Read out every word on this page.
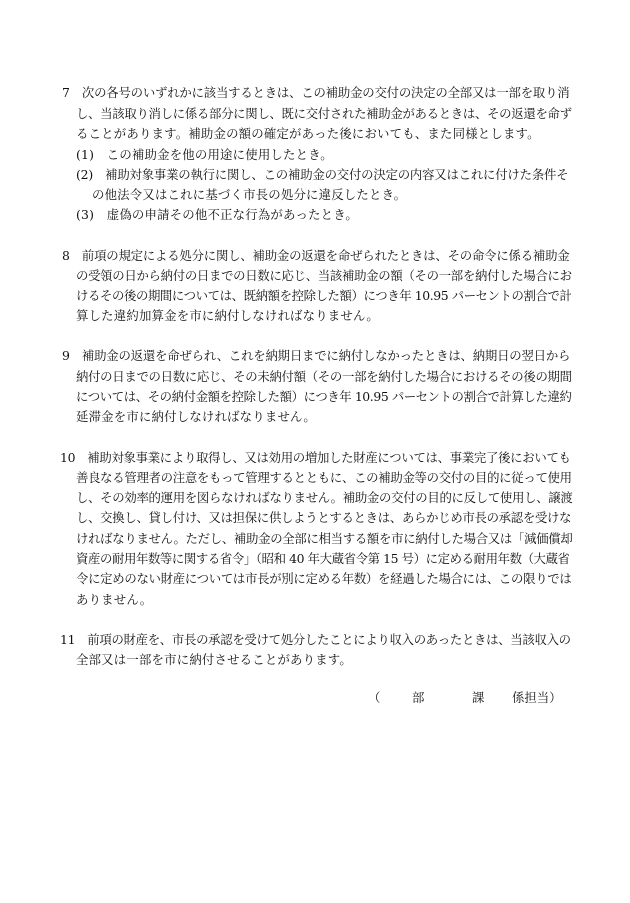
7　次の各号のいずれかに該当するときは、この補助金の交付の決定の全部又は一部を取り消
し、当該取り消しに係る部分に関し、既に交付された補助金があるときは、その返還を命ず
ることがあります。補助金の額の確定があった後においても、また同様とします。
(1)　この補助金を他の用途に使用したとき。
(2)　補助対象事業の執行に関し、この補助金の交付の決定の内容又はこれに付けた条件そ
の他法令又はこれに基づく市長の処分に違反したとき。
(3)　虚偽の申請その他不正な行為があったとき。
8　前項の規定による処分に関し、補助金の返還を命ぜられたときは、その命令に係る補助金
の受領の日から納付の日までの日数に応じ、当該補助金の額（その一部を納付した場合にお
けるその後の期間については、既納額を控除した額）につき年 10.95 パーセントの割合で計
算した違約加算金を市に納付しなければなりません。
9　補助金の返還を命ぜられ、これを納期日までに納付しなかったときは、納期日の翌日から
納付の日までの日数に応じ、その未納付額（その一部を納付した場合におけるその後の期間
については、その納付金額を控除した額）につき年 10.95 パーセントの割合で計算した違約
延滞金を市に納付しなければなりません。
10　補助対象事業により取得し、又は効用の増加した財産については、事業完了後においても
善良なる管理者の注意をもって管理するとともに、この補助金等の交付の目的に従って使用
し、その効率的運用を図らなければなりません。補助金の交付の目的に反して使用し、譲渡
し、交換し、貸し付け、又は担保に供しようとするときは、あらかじめ市長の承認を受けな
ければなりません。ただし、補助金の全部に相当する額を市に納付した場合又は「減価償却
資産の耐用年数等に関する省令」（昭和 40 年大蔵省令第 15 号）に定める耐用年数（大蔵省
令に定めのない財産については市長が別に定める年数）を経過した場合には、この限りでは
ありません。
11　前項の財産を、市長の承認を受けて処分したことにより収入のあったときは、当該収入の
全部又は一部を市に納付させることがあります。
（	部	課 係担当）
